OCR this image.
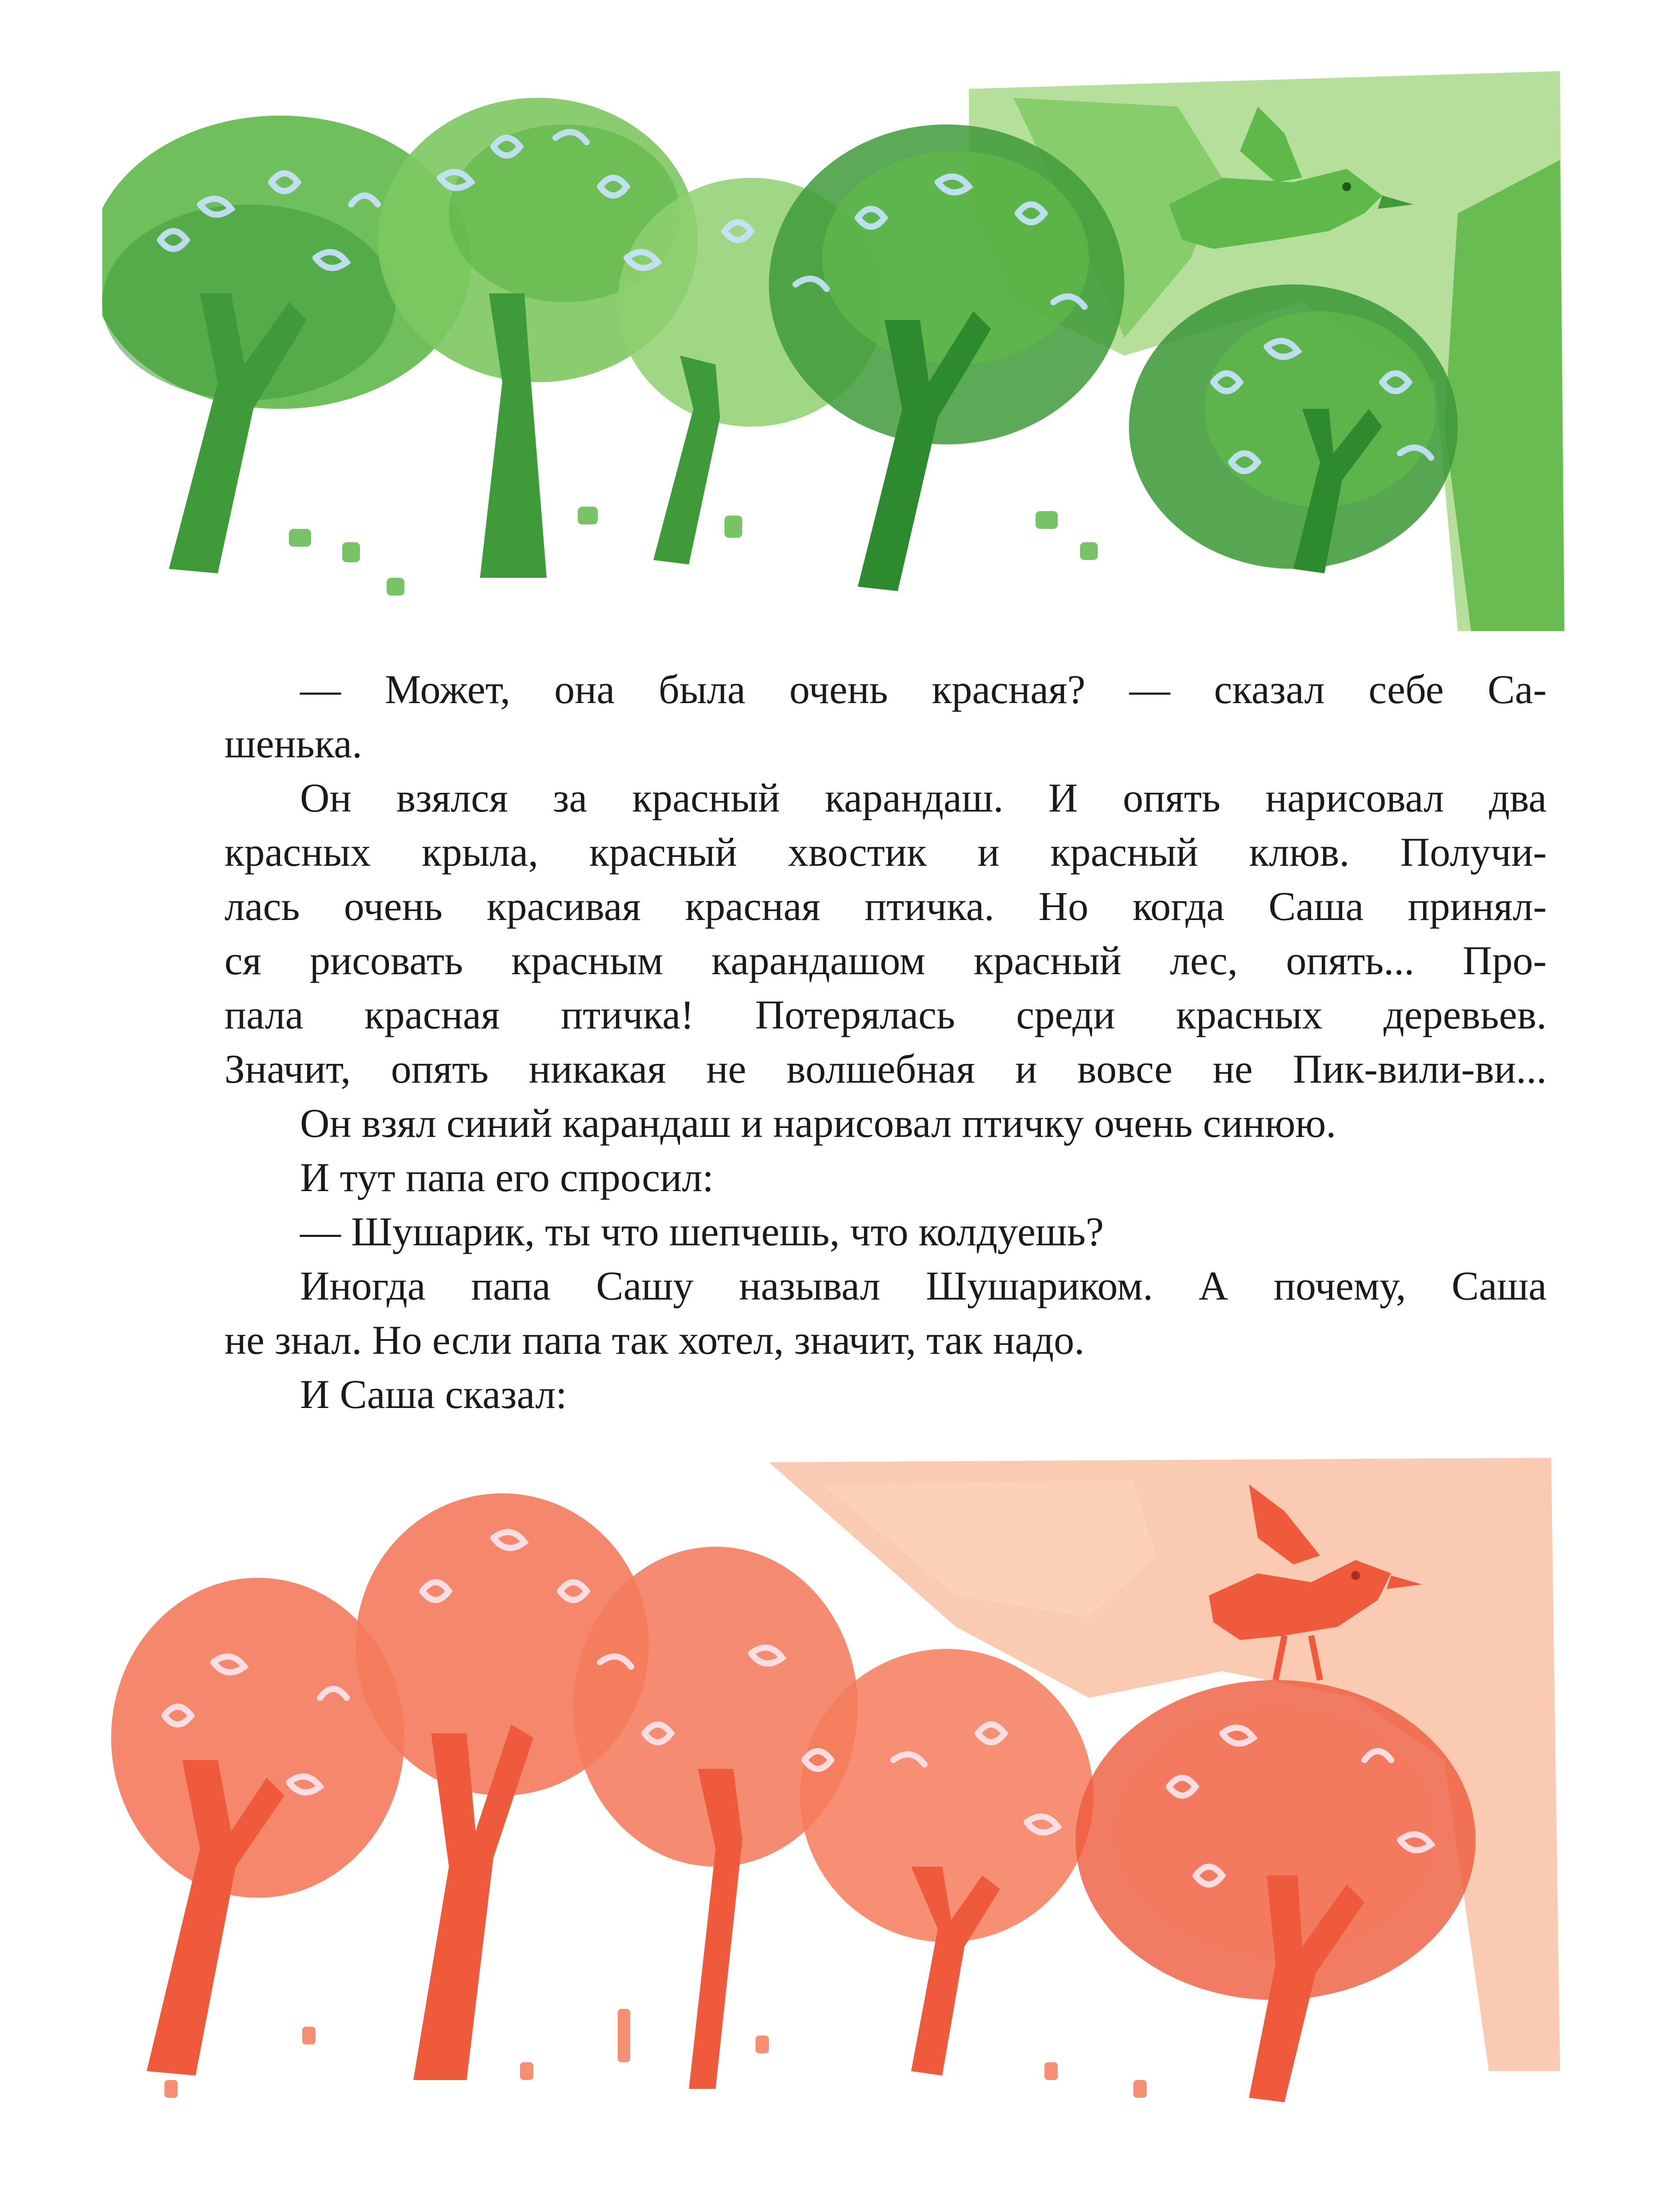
— Может, она была очень красная? — сказал себе Са-

шенька.

Он взялся за красный карандаш. И опять нарисовал два

красных крыла, красный хвостик и красный клюв. Получи-

лась очень красивая красная птичка. Но когда Саша принял-

ся рисовать красным карандашом красный лес, опять... Про-

пала красная птичка! Потерялась среди красных деревьев.

Значит, опять никакая не волшебная и вовсе не Пик-вили-ви...

Он взял синий карандаш и нарисовал птичку очень синюю.

И тут папа его спросил:

— Шушарик, ты что шепчешь, что колдуешь?

Иногда папа Сашу называл Шушариком. А почему, Саша

не знал. Но если папа так хотел, значит, так надо.

И Саша сказал:
